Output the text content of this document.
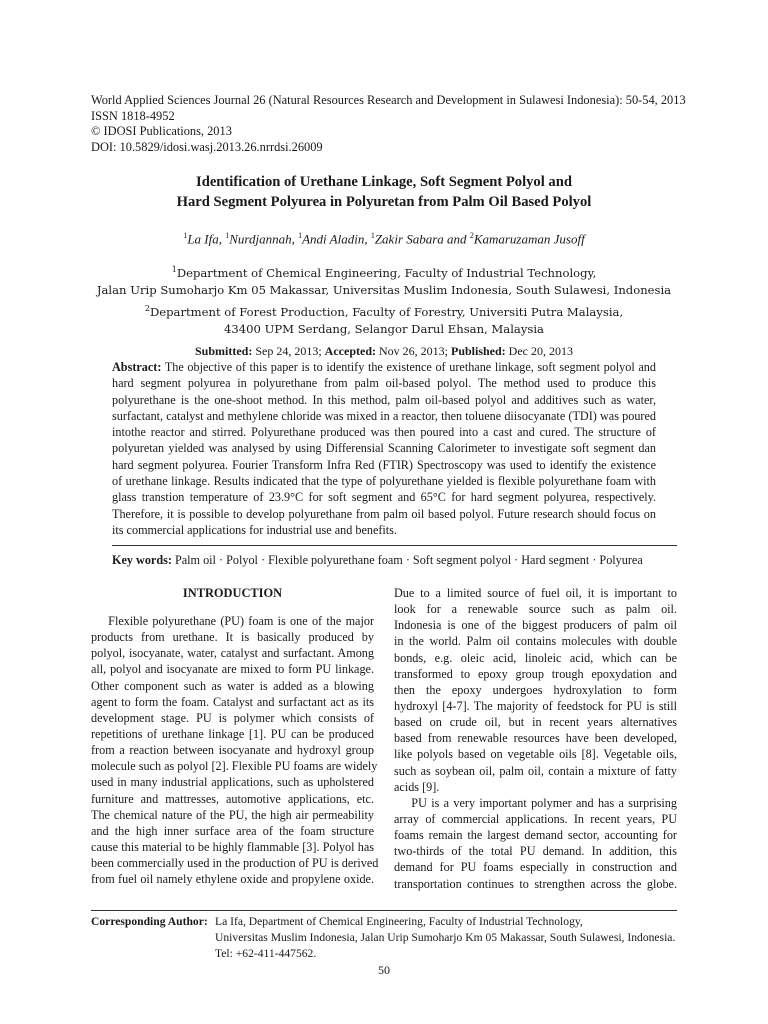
World Applied Sciences Journal 26 (Natural Resources Research and Development in Sulawesi Indonesia): 50-54, 2013
ISSN 1818-4952
© IDOSI Publications, 2013
DOI: 10.5829/idosi.wasj.2013.26.nrrdsi.26009
Identification of Urethane Linkage, Soft Segment Polyol and
Hard Segment Polyurea in Polyuretan from Palm Oil Based Polyol
$^1$La Ifa, $^1$Nurdjannah, $^1$Andi Aladin, $^1$Zakir Sabara and $^2$Kamaruzaman Jusoff
$^1$Department of Chemical Engineering, Faculty of Industrial Technology,
Jalan Urip Sumoharjo Km 05 Makassar, Universitas Muslim Indonesia, South Sulawesi, Indonesia
$^2$Department of Forest Production, Faculty of Forestry, Universiti Putra Malaysia,
43400 UPM Serdang, Selangor Darul Ehsan, Malaysia
Submitted: Sep 24, 2013; Accepted: Nov 26, 2013; Published: Dec 20, 2013
Abstract: The objective of this paper is to identify the existence of urethane linkage, soft segment polyol and
hard segment polyurea in polyurethane from palm oil-based polyol. The method used to produce this
polyurethane is the one-shoot method. In this method, palm oil-based polyol and additives such as water,
surfactant, catalyst and methylene chloride was mixed in a reactor, then toluene diisocyanate (TDI) was poured
intothe reactor and stirred. Polyurethane produced was then poured into a cast and cured. The structure of
polyuretan yielded was analysed by using Differensial Scanning Calorimeter to investigate soft segment dan
hard segment polyurea. Fourier Transform Infra Red (FTIR) Spectroscopy was used to identify the existence
of urethane linkage. Results indicated that the type of polyurethane yielded is flexible polyurethane foam with
glass transtion temperature of 23.9°C for soft segment and 65°C for hard segment polyurea, respectively.
Therefore, it is possible to develop polyurethane from palm oil based polyol. Future research should focus on
its commercial applications for industrial use and benefits.
Key words: Palm oil · Polyol · Flexible polyurethane foam · Soft segment polyol · Hard segment · Polyurea
INTRODUCTION
Flexible polyurethane (PU) foam is one of the major
products from urethane. It is basically produced by
polyol, isocyanate, water, catalyst and surfactant. Among
all, polyol and isocyanate are mixed to form PU linkage.
Other component such as water is added as a blowing
agent to form the foam. Catalyst and surfactant act as its
development stage. PU is polymer which consists of
repetitions of urethane linkage [1]. PU can be produced
from a reaction between isocyanate and hydroxyl group
molecule such as polyol [2]. Flexible PU foams are widely
used in many industrial applications, such as upholstered
furniture and mattresses, automotive applications, etc.
The chemical nature of the PU, the high air permeability
and the high inner surface area of the foam structure
cause this material to be highly flammable [3]. Polyol has
been commercially used in the production of PU is derived
from fuel oil namely ethylene oxide and propylene oxide.
Due to a limited source of fuel oil, it is important to
look for a renewable source such as palm oil.
Indonesia is one of the biggest producers of palm oil
in the world. Palm oil contains molecules with double
bonds, e.g. oleic acid, linoleic acid, which can be
transformed to epoxy group trough epoxydation and
then the epoxy undergoes hydroxylation to form
hydroxyl [4-7]. The majority of feedstock for PU is still
based on crude oil, but in recent years alternatives
based from renewable resources have been developed,
like polyols based on vegetable oils [8]. Vegetable oils,
such as soybean oil, palm oil, contain a mixture of fatty
acids [9].
PU is a very important polymer and has a surprising
array of commercial applications. In recent years, PU
foams remain the largest demand sector, accounting for
two-thirds of the total PU demand. In addition, this
demand for PU foams especially in construction and
transportation continues to strengthen across the globe.
Corresponding Author: La Ifa, Department of Chemical Engineering, Faculty of Industrial Technology,
Universitas Muslim Indonesia, Jalan Urip Sumoharjo Km 05 Makassar, South Sulawesi, Indonesia.
Tel: +62-411-447562.
50
